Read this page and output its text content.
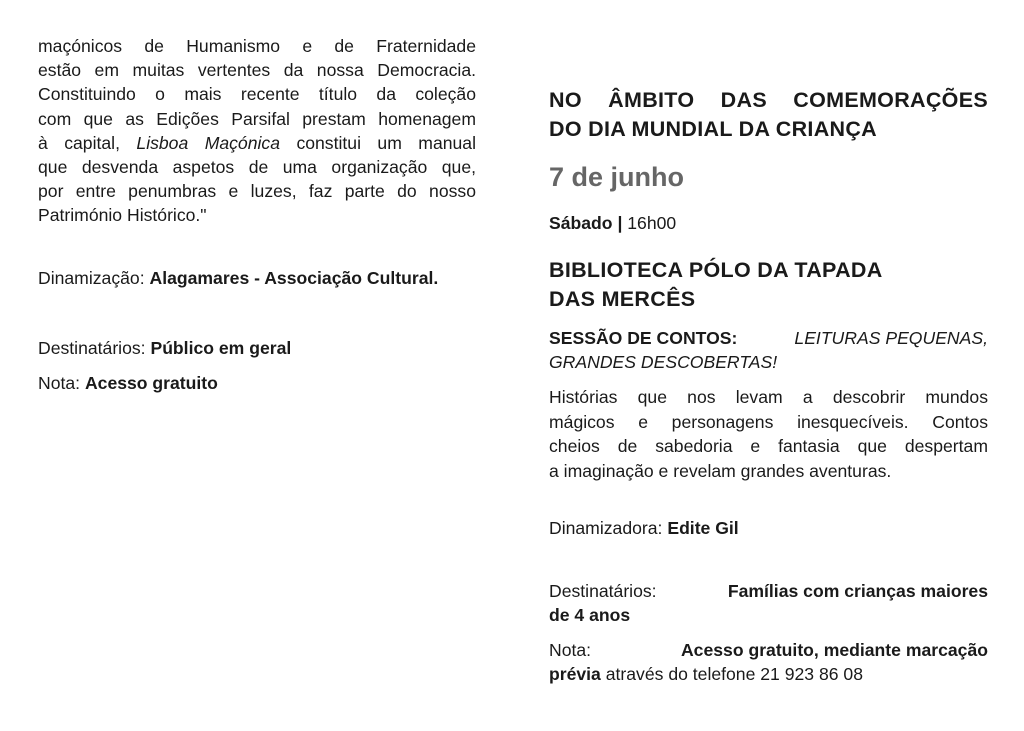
maçónicos de Humanismo e de Fraternidade
estão em muitas vertentes da nossa Democracia.
Constituindo o mais recente título da coleção
com que as Edições Parsifal prestam homenagem
à capital, Lisboa Maçónica constitui um manual
que desvenda aspetos de uma organização que,
por entre penumbras e luzes, faz parte do nosso
Património Histórico."
Dinamização: Alagamares - Associação Cultural.
Destinatários: Público em geral
Nota: Acesso gratuito
NO ÂMBITO DAS COMEMORAÇÕES
DO DIA MUNDIAL DA CRIANÇA
7 de junho
Sábado | 16h00
BIBLIOTECA PÓLO DA TAPADA
DAS MERCÊS
SESSÃO DE CONTOS:	LEITURAS PEQUENAS,
GRANDES DESCOBERTAS!
Histórias que nos levam a descobrir mundos
mágicos e personagens inesquecíveis. Contos
cheios de sabedoria e fantasia que despertam
a imaginação e revelam grandes aventuras.
Dinamizadora: Edite Gil
Destinatários:	Famílias com crianças maiores
de 4 anos
Nota:	Acesso gratuito, mediante marcação
prévia através do telefone 21 923 86 08
